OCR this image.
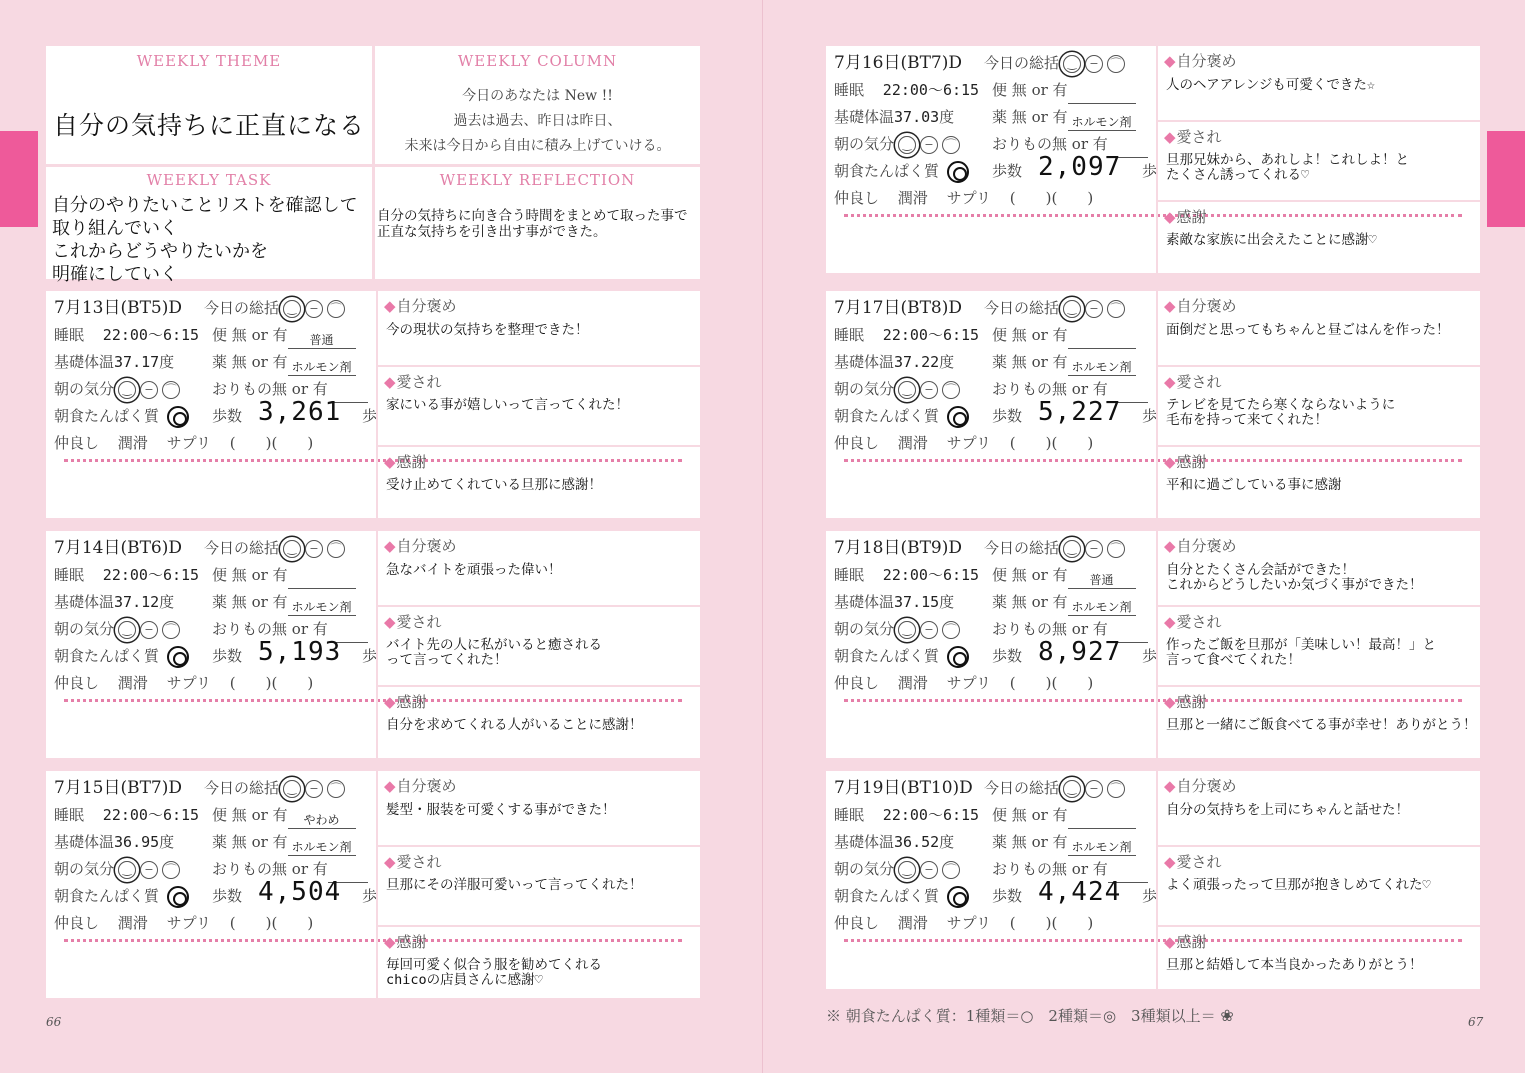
WEEKLY THEME
自分の気持ちに正直になる
WEEKLY COLUMN
今日のあなたは New !!
過去は過去、昨日は昨日、
未来は今日から自由に積み上げていける。
WEEKLY TASK
自分のやりたいことリストを確認して
取り組んでいく
これからどうやりたいかを
明確にしていく
WEEKLY REFLECTION
自分の気持ちに向き合う時間をまとめて取った事で
正直な気持ちを引き出す事ができた。
7月13日(BT5)D 今日の総括 ‿ − ⌒
睡眠 22:00～6:15 便 無 or 有 普通
基礎体温37.17度	薬 無 or 有 ホルモン剤
朝の気分 ‿ − ⌒ おりもの無 or 有
朝食たんぱく質	歩数 3,261 歩
仲良し 潤滑 サプリ (　　)(　　)
◆ 自分褒め
今の現状の気持ちを整理できた！
◆ 愛され
家にいる事が嬉しいって言ってくれた！
◆ 感謝
受け止めてくれている旦那に感謝！
7月14日(BT6)D 今日の総括 ‿ − ⌒
睡眠 22:00～6:15 便 無 or 有
基礎体温37.12度	薬 無 or 有 ホルモン剤
朝の気分 ‿ − ⌒ おりもの無 or 有
朝食たんぱく質	歩数 5,193 歩
仲良し 潤滑 サプリ (　　)(　　)
◆ 自分褒め
急なバイトを頑張った偉い！
◆ 愛され
バイト先の人に私がいると癒される
って言ってくれた！
◆ 感謝
自分を求めてくれる人がいることに感謝！
7月15日(BT7)D 今日の総括 ‿ − ⌒
睡眠 22:00～6:15 便 無 or 有 やわめ
基礎体温36.95度	薬 無 or 有 ホルモン剤
朝の気分 ‿ − ⌒ おりもの無 or 有
朝食たんぱく質	歩数 4,504 歩
仲良し 潤滑 サプリ (　　)(　　)
◆ 自分褒め
髪型・服装を可愛くする事ができた！
◆ 愛され
旦那にその洋服可愛いって言ってくれた！
◆ 感謝
毎回可愛く似合う服を勧めてくれる
chicoの店員さんに感謝♡
7月16日(BT7)D 今日の総括 ‿ − ⌒
睡眠 22:00～6:15 便 無 or 有
基礎体温37.03度	薬 無 or 有 ホルモン剤
朝の気分 ‿ − ⌒ おりもの無 or 有
朝食たんぱく質	歩数 2,097 歩
仲良し 潤滑 サプリ (　　)(　　)
◆ 自分褒め
人のヘアアレンジも可愛くできた☆
◆ 愛され
旦那兄妹から、あれしよ！これしよ！と
たくさん誘ってくれる♡
◆ 感謝
素敵な家族に出会えたことに感謝♡
7月17日(BT8)D 今日の総括 ‿ − ⌒
睡眠 22:00～6:15 便 無 or 有
基礎体温37.22度	薬 無 or 有 ホルモン剤
朝の気分 ‿ − ⌒ おりもの無 or 有
朝食たんぱく質	歩数 5,227 歩
仲良し 潤滑 サプリ (　　)(　　)
◆ 自分褒め
面倒だと思ってもちゃんと昼ごはんを作った！
◆ 愛され
テレビを見てたら寒くならないように
毛布を持って来てくれた！
◆ 感謝
平和に過ごしている事に感謝
7月18日(BT9)D 今日の総括 ‿ − ⌒
睡眠 22:00～6:15 便 無 or 有 普通
基礎体温37.15度	薬 無 or 有 ホルモン剤
朝の気分 ‿ − ⌒ おりもの無 or 有
朝食たんぱく質	歩数 8,927 歩
仲良し 潤滑 サプリ (　　)(　　)
◆ 自分褒め
自分とたくさん会話ができた！
これからどうしたいか気づく事ができた！
◆ 愛され
作ったご飯を旦那が「美味しい！最高！」と
言って食べてくれた！
◆ 感謝
旦那と一緒にご飯食べてる事が幸せ！ありがとう！
7月19日(BT10)D 今日の総括 ‿ − ⌒
睡眠 22:00～6:15 便 無 or 有
基礎体温36.52度	薬 無 or 有 ホルモン剤
朝の気分 ‿ − ⌒ おりもの無 or 有
朝食たんぱく質	歩数 4,424 歩
仲良し 潤滑 サプリ (　　)(　　)
◆ 自分褒め
自分の気持ちを上司にちゃんと話せた！
◆ 愛され
よく頑張ったって旦那が抱きしめてくれた♡
◆ 感謝
旦那と結婚して本当良かったありがとう！
※ 朝食たんぱく質：1種類＝○　2種類＝◎　3種類以上＝ ❀
66	67
